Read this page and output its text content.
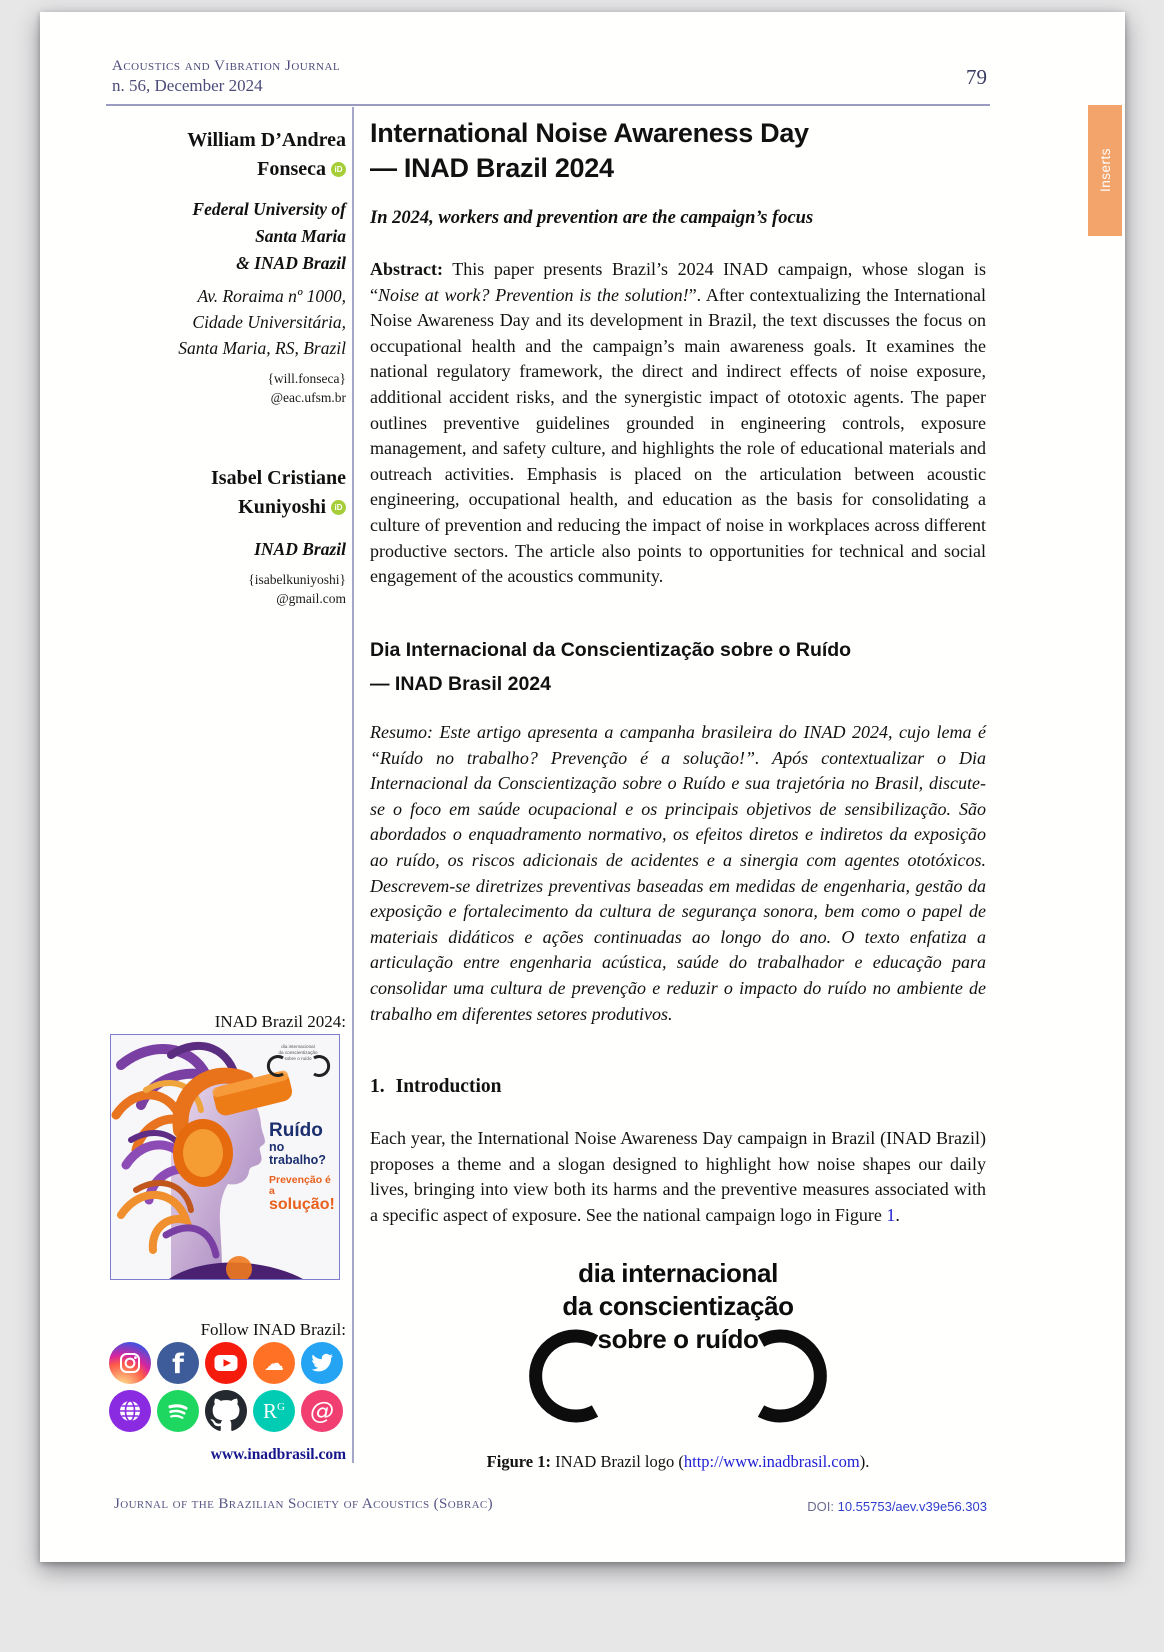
Acoustics and Vibration Journal
n. 56, December 2024	79
Inserts
William D’Andrea
Fonseca iD
Federal University of
Santa Maria
& INAD Brazil
Av. Roraima nº 1000,
Cidade Universitária,
Santa Maria, RS, Brazil
{will.fonseca}
@eac.ufsm.br
Isabel Cristiane
Kuniyoshi iD
INAD Brazil
{isabelkuniyoshi}
@gmail.com
INAD Brazil 2024:
dia internacional
da conscientização
sobre o ruído
Ruído
no trabalho?
Prevenção é a
solução!
Follow INAD Brazil:
f	☁
$R^G$ @
www.inadbrasil.com
International Noise Awareness Day
— INAD Brazil 2024
In 2024, workers and prevention are the campaign’s focus

Abstract: This paper presents Brazil’s 2024 INAD campaign, whose slogan is “Noise at work? Prevention is the solution!”. After contextualizing the International Noise Awareness Day and its development in Brazil, the text discusses the focus on occupational health and the campaign’s main awareness goals. It examines the national regulatory framework, the direct and indirect effects of noise exposure, additional accident risks, and the synergistic impact of ototoxic agents. The paper outlines preventive guidelines grounded in engineering controls, exposure management, and safety culture, and highlights the role of educational materials and outreach activities. Emphasis is placed on the articulation between acoustic engineering, occupational health, and education as the basis for consolidating a culture of prevention and reducing the impact of noise in workplaces across different productive sectors. The article also points to opportunities for technical and social engagement of the acoustics community.

Dia Internacional da Conscientização sobre o Ruído
— INAD Brasil 2024

Resumo: Este artigo apresenta a campanha brasileira do INAD 2024, cujo lema é “Ruído no trabalho? Prevenção é a solução!”. Após contextualizar o Dia Internacional da Conscientização sobre o Ruído e sua trajetória no Brasil, discute-se o foco em saúde ocupacional e os principais objetivos de sensibilização. São abordados o enquadramento normativo, os efeitos diretos e indiretos da exposição ao ruído, os riscos adicionais de acidentes e a sinergia com agentes ototóxicos. Descrevem-se diretrizes preventivas baseadas em medidas de engenharia, gestão da exposição e fortalecimento da cultura de segurança sonora, bem como o papel de materiais didáticos e ações continuadas ao longo do ano. O texto enfatiza a articulação entre engenharia acústica, saúde do trabalhador e educação para consolidar uma cultura de prevenção e reduzir o impacto do ruído no ambiente de trabalho em diferentes setores produtivos.

1. Introduction

Each year, the International Noise Awareness Day campaign in Brazil (INAD Brazil) proposes a theme and a slogan designed to highlight how noise shapes our daily lives, bringing into view both its harms and the preventive measures associated with a specific aspect of exposure. See the national campaign logo in Figure 1.

dia internacional
da conscientização
sobre o ruído
Figure 1: INAD Brazil logo (http://www.inadbrasil.com).
Journal of the Brazilian Society of Acoustics (Sobrac)	DOI: 10.55753/aev.v39e56.303
